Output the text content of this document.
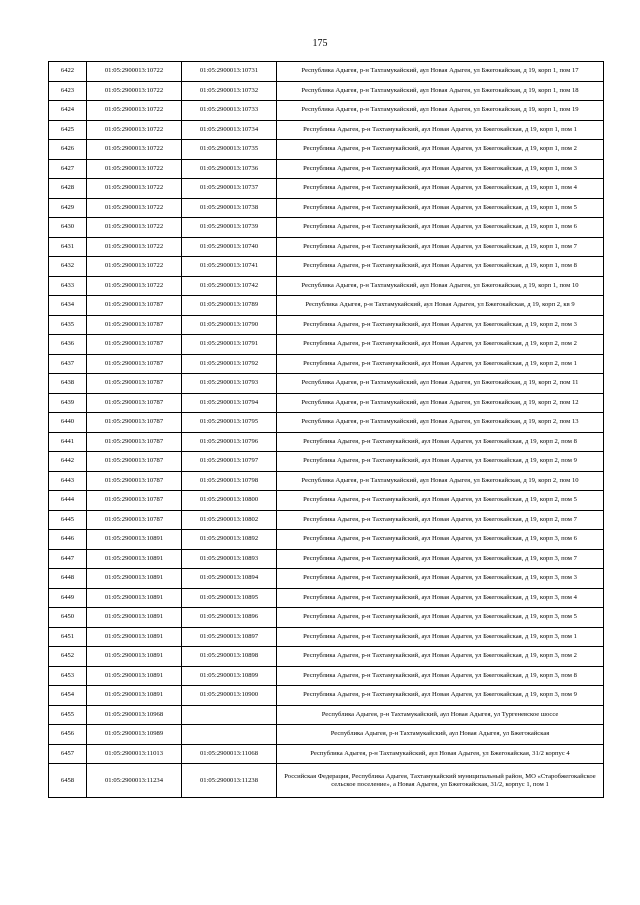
175
6422	01:05:2900013:10722	01:05:2900013:10731	Республика Адыгея, р-н Тахтамукайский, аул Новая Адыгея, ул Бжегокайская, д 19, корп 1, пом 17
6423	01:05:2900013:10722	01:05:2900013:10732	Республика Адыгея, р-н Тахтамукайский, аул Новая Адыгея, ул Бжегокайская, д 19, корп 1, пом 18
6424	01:05:2900013:10722	01:05:2900013:10733	Республика Адыгея, р-н Тахтамукайский, аул Новая Адыгея, ул Бжегокайская, д 19, корп 1, пом 19
6425	01:05:2900013:10722	01:05:2900013:10734	Республика Адыгея, р-н Тахтамукайский, аул Новая Адыгея, ул Бжегокайская, д 19, корп 1, пом 1
6426	01:05:2900013:10722	01:05:2900013:10735	Республика Адыгея, р-н Тахтамукайский, аул Новая Адыгея, ул Бжегокайская, д 19, корп 1, пом 2
6427	01:05:2900013:10722	01:05:2900013:10736	Республика Адыгея, р-н Тахтамукайский, аул Новая Адыгея, ул Бжегокайская, д 19, корп 1, пом 3
6428	01:05:2900013:10722	01:05:2900013:10737	Республика Адыгея, р-н Тахтамукайский, аул Новая Адыгея, ул Бжегокайская, д 19, корп 1, пом 4
6429	01:05:2900013:10722	01:05:2900013:10738	Республика Адыгея, р-н Тахтамукайский, аул Новая Адыгея, ул Бжегокайская, д 19, корп 1, пом 5
6430	01:05:2900013:10722	01:05:2900013:10739	Республика Адыгея, р-н Тахтамукайский, аул Новая Адыгея, ул Бжегокайская, д 19, корп 1, пом 6
6431	01:05:2900013:10722	01:05:2900013:10740	Республика Адыгея, р-н Тахтамукайский, аул Новая Адыгея, ул Бжегокайская, д 19, корп 1, пом 7
6432	01:05:2900013:10722	01:05:2900013:10741	Республика Адыгея, р-н Тахтамукайский, аул Новая Адыгея, ул Бжегокайская, д 19, корп 1, пом 8
6433	01:05:2900013:10722	01:05:2900013:10742	Республика Адыгея, р-н Тахтамукайский, аул Новая Адыгея, ул Бжегокайская, д 19, корп 1, пом 10
6434	01:05:2900013:10787	01:05:2900013:10789	Республика Адыгея, р-н Тахтамукайский, аул Новая Адыгея, ул Бжегокайская, д 19, корп 2, кв 9
6435	01:05:2900013:10787	01:05:2900013:10790	Республика Адыгея, р-н Тахтамукайский, аул Новая Адыгея, ул Бжегокайская, д 19, корп 2, пом 3
6436	01:05:2900013:10787	01:05:2900013:10791	Республика Адыгея, р-н Тахтамукайский, аул Новая Адыгея, ул Бжегокайская, д 19, корп 2, пом 2
6437	01:05:2900013:10787	01:05:2900013:10792	Республика Адыгея, р-н Тахтамукайский, аул Новая Адыгея, ул Бжегокайская, д 19, корп 2, пом 1
6438	01:05:2900013:10787	01:05:2900013:10793	Республика Адыгея, р-н Тахтамукайский, аул Новая Адыгея, ул Бжегокайская, д 19, корп 2, пом 11
6439	01:05:2900013:10787	01:05:2900013:10794	Республика Адыгея, р-н Тахтамукайский, аул Новая Адыгея, ул Бжегокайская, д 19, корп 2, пом 12
6440	01:05:2900013:10787	01:05:2900013:10795	Республика Адыгея, р-н Тахтамукайский, аул Новая Адыгея, ул Бжегокайская, д 19, корп 2, пом 13
6441	01:05:2900013:10787	01:05:2900013:10796	Республика Адыгея, р-н Тахтамукайский, аул Новая Адыгея, ул Бжегокайская, д 19, корп 2, пом 8
6442	01:05:2900013:10787	01:05:2900013:10797	Республика Адыгея, р-н Тахтамукайский, аул Новая Адыгея, ул Бжегокайская, д 19, корп 2, пом 9
6443	01:05:2900013:10787	01:05:2900013:10798	Республика Адыгея, р-н Тахтамукайский, аул Новая Адыгея, ул Бжегокайская, д 19, корп 2, пом 10
6444	01:05:2900013:10787	01:05:2900013:10800	Республика Адыгея, р-н Тахтамукайский, аул Новая Адыгея, ул Бжегокайская, д 19, корп 2, пом 5
6445	01:05:2900013:10787	01:05:2900013:10802	Республика Адыгея, р-н Тахтамукайский, аул Новая Адыгея, ул Бжегокайская, д 19, корп 2, пом 7
6446	01:05:2900013:10891	01:05:2900013:10892	Республика Адыгея, р-н Тахтамукайский, аул Новая Адыгея, ул Бжегокайская, д 19, корп 3, пом 6
6447	01:05:2900013:10891	01:05:2900013:10893	Республика Адыгея, р-н Тахтамукайский, аул Новая Адыгея, ул Бжегокайская, д 19, корп 3, пом 7
6448	01:05:2900013:10891	01:05:2900013:10894	Республика Адыгея, р-н Тахтамукайский, аул Новая Адыгея, ул Бжегокайская, д 19, корп 3, пом 3
6449	01:05:2900013:10891	01:05:2900013:10895	Республика Адыгея, р-н Тахтамукайский, аул Новая Адыгея, ул Бжегокайская, д 19, корп 3, пом 4
6450	01:05:2900013:10891	01:05:2900013:10896	Республика Адыгея, р-н Тахтамукайский, аул Новая Адыгея, ул Бжегокайская, д 19, корп 3, пом 5
6451	01:05:2900013:10891	01:05:2900013:10897	Республика Адыгея, р-н Тахтамукайский, аул Новая Адыгея, ул Бжегокайская, д 19, корп 3, пом 1
6452	01:05:2900013:10891	01:05:2900013:10898	Республика Адыгея, р-н Тахтамукайский, аул Новая Адыгея, ул Бжегокайская, д 19, корп 3, пом 2
6453	01:05:2900013:10891	01:05:2900013:10899	Республика Адыгея, р-н Тахтамукайский, аул Новая Адыгея, ул Бжегокайская, д 19, корп 3, пом 8
6454	01:05:2900013:10891	01:05:2900013:10900	Республика Адыгея, р-н Тахтамукайский, аул Новая Адыгея, ул Бжегокайская, д 19, корп 3, пом 9
6455	01:05:2900013:10968		Республика Адыгея, р-н Тахтамукайский, аул Новая Адыгея, ул Тургеневское шоссе
6456	01:05:2900013:10989		Республика Адыгея, р-н Тахтамукайский, аул Новая Адыгея, ул Бжегокайская
6457	01:05:2900013:11013	01:05:2900013:11068	Республика Адыгея, р-н Тахтамукайский, аул Новая Адыгея, ул Бжегокайская, 31/2 корпус 4
6458	01:05:2900013:11234	01:05:2900013:11238	Российская Федерация, Республика Адыгея, Тахтамукайский муниципальный район, МО «Старобжегокайское сельское поселение», а Новая Адыгея, ул Бжегокайская, 31/2, корпус 1, пом 1
